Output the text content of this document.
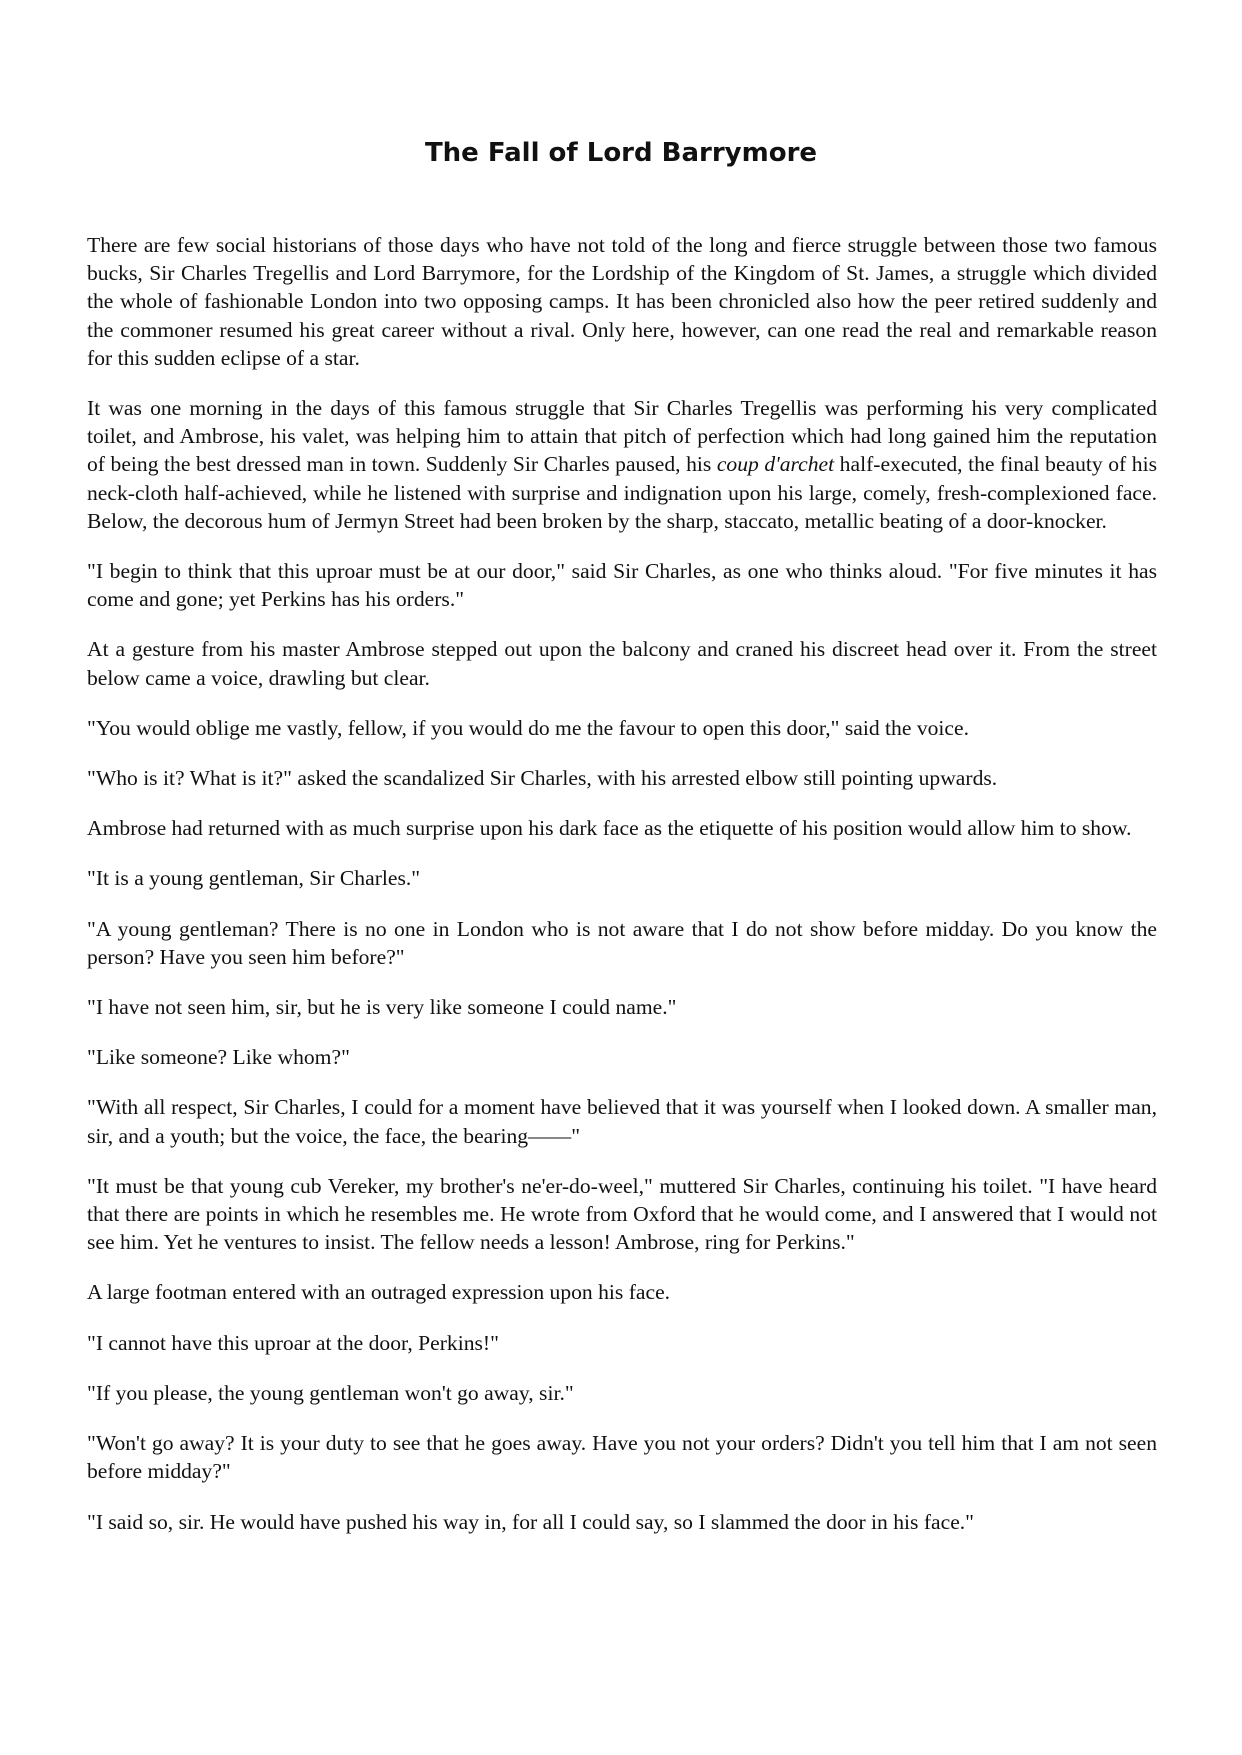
The Fall of Lord Barrymore

There are few social historians of those days who have not told of the long and fierce struggle between those two famous bucks, Sir Charles Tregellis and Lord Barrymore, for the Lordship of the Kingdom of St. James, a struggle which divided the whole of fashionable London into two opposing camps. It has been chronicled also how the peer retired suddenly and the commoner resumed his great career without a rival. Only here, however, can one read the real and remarkable reason for this sudden eclipse of a star.

It was one morning in the days of this famous struggle that Sir Charles Tregellis was performing his very complicated toilet, and Ambrose, his valet, was helping him to attain that pitch of perfection which had long gained him the reputation of being the best dressed man in town. Suddenly Sir Charles paused, his coup d'archet half-executed, the final beauty of his neck-cloth half-achieved, while he listened with surprise and indignation upon his large, comely, fresh-complexioned face. Below, the decorous hum of Jermyn Street had been broken by the sharp, staccato, metallic beating of a door-knocker.

"I begin to think that this uproar must be at our door," said Sir Charles, as one who thinks aloud. "For five minutes it has come and gone; yet Perkins has his orders."

At a gesture from his master Ambrose stepped out upon the balcony and craned his discreet head over it. From the street below came a voice, drawling but clear.

"You would oblige me vastly, fellow, if you would do me the favour to open this door," said the voice.

"Who is it? What is it?" asked the scandalized Sir Charles, with his arrested elbow still pointing upwards.

Ambrose had returned with as much surprise upon his dark face as the etiquette of his position would allow him to show.

"It is a young gentleman, Sir Charles."

"A young gentleman? There is no one in London who is not aware that I do not show before midday. Do you know the person? Have you seen him before?"

"I have not seen him, sir, but he is very like someone I could name."

"Like someone? Like whom?"

"With all respect, Sir Charles, I could for a moment have believed that it was yourself when I looked down. A smaller man, sir, and a youth; but the voice, the face, the bearing——"

"It must be that young cub Vereker, my brother's ne'er-do-weel," muttered Sir Charles, continuing his toilet. "I have heard that there are points in which he resembles me. He wrote from Oxford that he would come, and I answered that I would not see him. Yet he ventures to insist. The fellow needs a lesson! Ambrose, ring for Perkins."

A large footman entered with an outraged expression upon his face.

"I cannot have this uproar at the door, Perkins!"

"If you please, the young gentleman won't go away, sir."

"Won't go away? It is your duty to see that he goes away. Have you not your orders? Didn't you tell him that I am not seen before midday?"

"I said so, sir. He would have pushed his way in, for all I could say, so I slammed the door in his face."
